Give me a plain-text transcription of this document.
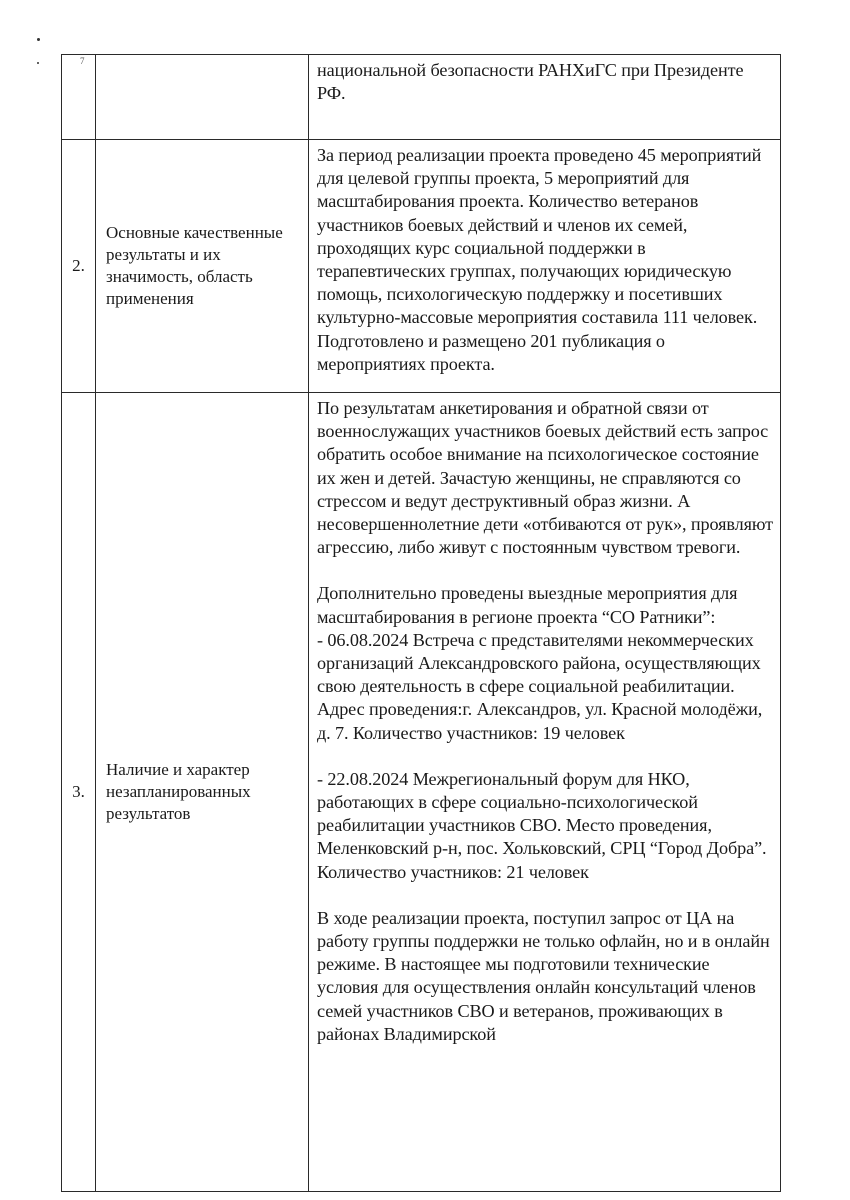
7		национальной безопасности РАНХиГС при Президенте РФ.

2.	Основные качественные результаты и их значимость, область применения	За период реализации проекта проведено 45 мероприятий для целевой группы проекта, 5 мероприятий для масштабирования проекта. Количество ветеранов участников боевых действий и членов их семей, проходящих курс социальной поддержки в терапевтических группах, получающих юридическую помощь, психологическую поддержку и посетивших культурно-массовые мероприятия составила 111 человек. Подготовлено и размещено 201 публикация о мероприятиях проекта.

3.	Наличие и характер незапланированных результатов	По результатам анкетирования и обратной связи от военнослужащих участников боевых действий есть запрос обратить особое внимание на психологическое состояние их жен и детей. Зачастую женщины, не справляются со стрессом и ведут деструктивный образ жизни. А несовершеннолетние дети «отбиваются от рук», проявляют агрессию, либо живут с постоянным чувством тревоги.

Дополнительно проведены выездные мероприятия для масштабирования в регионе проекта “СО Ратники”:

- 06.08.2024 Встреча с представителями некоммерческих организаций Александровского района, осуществляющих свою деятельность в сфере социальной реабилитации. Адрес проведения:г. Александров, ул. Красной молодёжи, д. 7. Количество участников: 19 человек

- 22.08.2024 Межрегиональный форум для НКО, работающих в сфере социально-психологической реабилитации участников СВО. Место проведения, Меленковский р-н, пос. Хольковский, СРЦ “Город Добра”. Количество участников: 21 человек

В ходе реализации проекта, поступил запрос от ЦА на работу группы поддержки не только офлайн, но и в онлайн режиме. В настоящее мы подготовили технические условия для осуществления онлайн консультаций членов семей участников СВО и ветеранов, проживающих в районах Владимирской
